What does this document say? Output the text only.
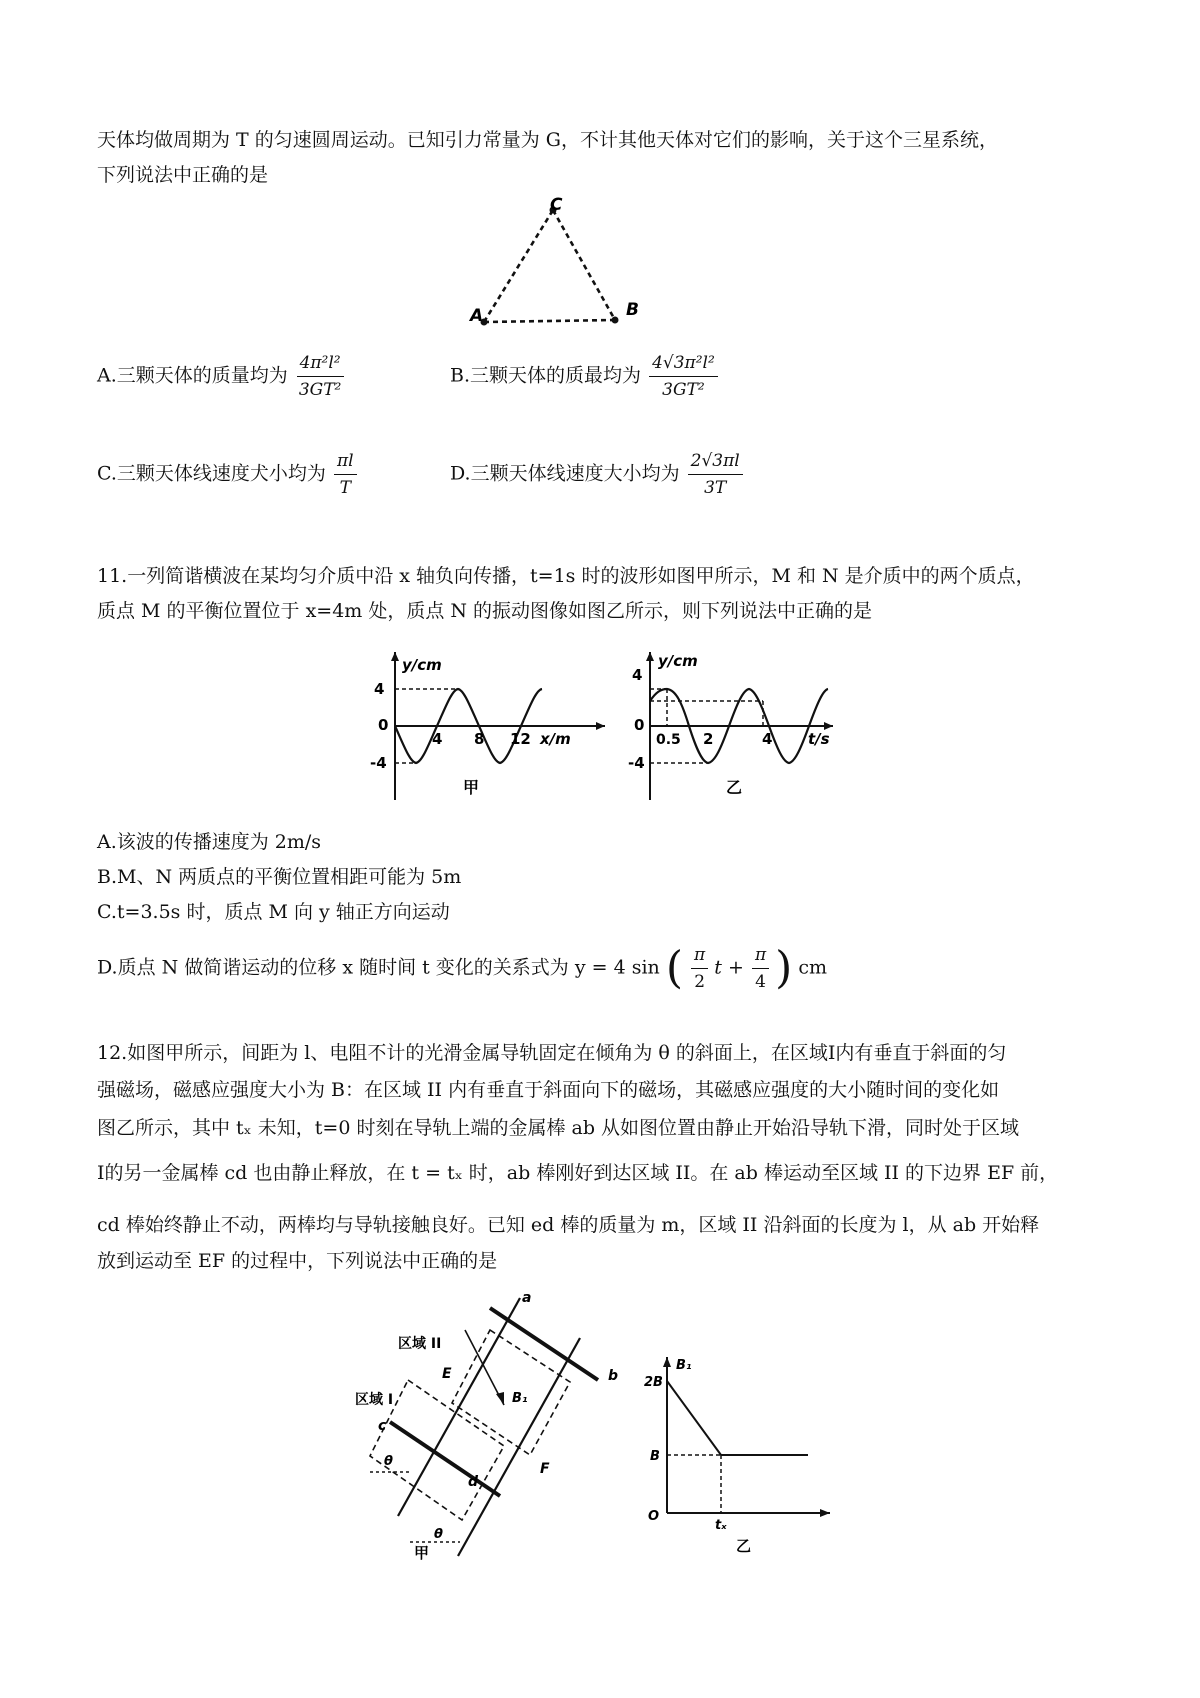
天体均做周期为 T 的匀速圆周运动。已知引力常量为 G，不计其他天体对它们的影响，关于这个三星系统，
下列说法中正确的是
A	B
C
A.三颗天体的质量均为 $\frac{\text{4π²l²}}{\text{3GT²}}$	B.三颗天体的质最均为 $\frac{\text{4√3π²l²}}{\text{3GT²}}$
C.三颗天体线速度犬小均为 $\frac{\pi l}{T}$	D.三颗天体线速度大小均为 $\frac{2√3\pi l}{3T}$
11.一列简谐横波在某均匀介质中沿 x 轴负向传播，t=1s 时的波形如图甲所示，M 和 N 是介质中的两个质点，
质点 M 的平衡位置位于 x=4m 处，质点 N 的振动图像如图乙所示，则下列说法中正确的是
y/cm
4
0
-4
4 8 12 x/m
甲
y/cm
4
0
-4
0.5 2	4 t/s
乙
A.该波的传播速度为 2m/s
B.M、N 两质点的平衡位置相距可能为 5m
C.t=3.5s 时，质点 M 向 y 轴正方向运动
D.质点 N 做简谐运动的位移 x 随时间 t 变化的关系式为 y = 4 sin ( $\frac{\pi}{2}$ $t + \frac{\pi}{4}$ ) cm
12.如图甲所示，间距为 l、电阻不计的光滑金属导轨固定在倾角为 θ 的斜面上，在区域Ⅰ内有垂直于斜面的匀
强磁场，磁感应强度大小为 B：在区域 II 内有垂直于斜面向下的磁场，其磁感应强度的大小随时间的变化如
图乙所示，其中 tₓ 未知，t=0 时刻在导轨上端的金属棒 ab 从如图位置由静止开始沿导轨下滑，同时处于区域
Ⅰ的另一金属棒 cd 也由静止释放，在 t = tₓ 时，ab 棒刚好到达区域 II。在 ab 棒运动至区域 II 的下边界 EF 前，
cd 棒始终静止不动，两棒均与导轨接触良好。已知 ed 棒的质量为 m，区域 II 沿斜面的长度为 l，从 ab 开始释
放到运动至 EF 的过程中，下列说法中正确的是
区域 II
区域 I
a
b
c
d
E
F
B₁
θ
θ
甲
B₁
2B
B
O
tₓ
乙
